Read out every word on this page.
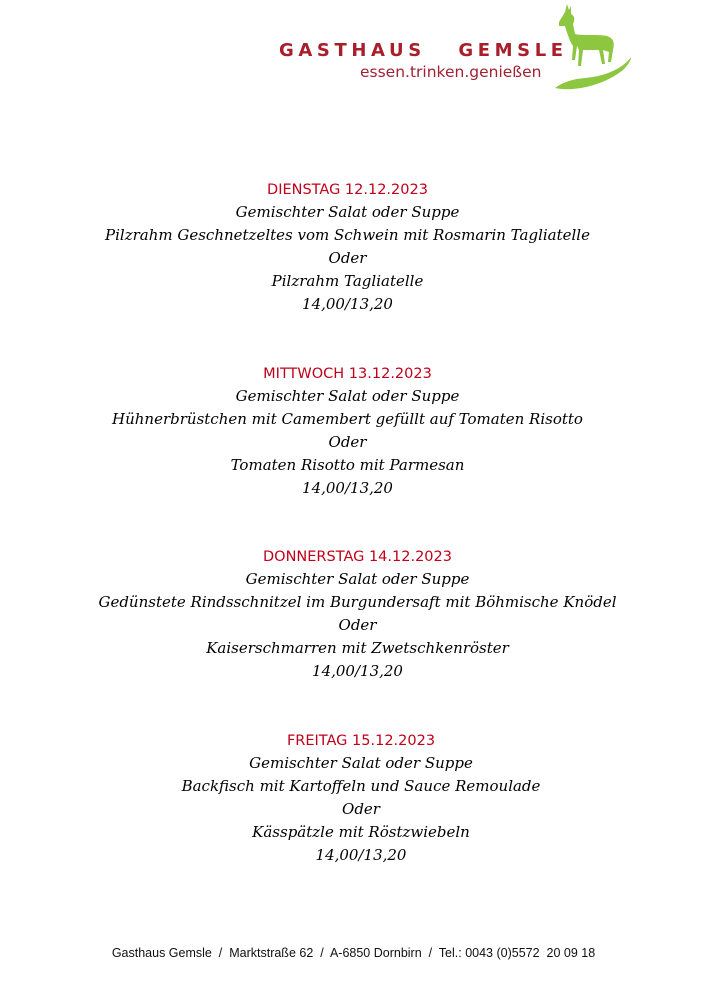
GASTHAUS   GEMSLE
essen.trinken.genießen
DIENSTAG 12.12.2023
Gemischter Salat oder Suppe
Pilzrahm Geschnetzeltes vom Schwein mit Rosmarin Tagliatelle
Oder
Pilzrahm Tagliatelle
14,00/13,20
MITTWOCH 13.12.2023
Gemischter Salat oder Suppe
Hühnerbrüstchen mit Camembert gefüllt auf Tomaten Risotto
Oder
Tomaten Risotto mit Parmesan
14,00/13,20
DONNERSTAG 14.12.2023
Gemischter Salat oder Suppe
Gedünstete Rindsschnitzel im Burgundersaft mit Böhmische Knödel
Oder
Kaiserschmarren mit Zwetschkenröster
14,00/13,20
FREITAG 15.12.2023
Gemischter Salat oder Suppe
Backfisch mit Kartoffeln und Sauce Remoulade
Oder
Kässpätzle mit Röstzwiebeln
14,00/13,20
Gasthaus Gemsle  /  Marktstraße 62  /  A-6850 Dornbirn  /  Tel.: 0043 (0)5572  20 09 18
